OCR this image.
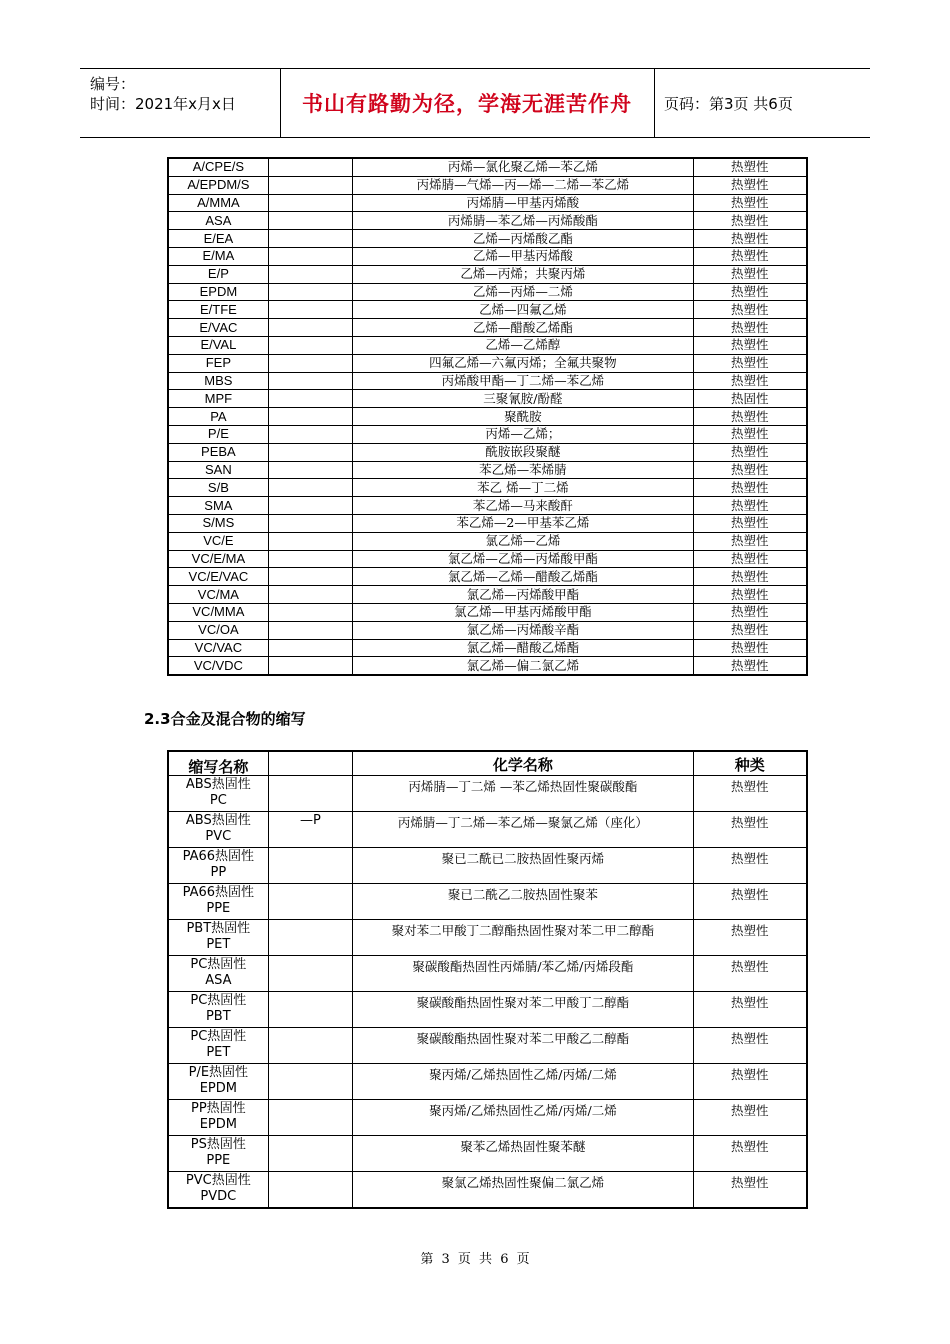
编号：
时间：2021年x月x日	书山有路勤为径，学海无涯苦作舟 页码：第3页 共6页
A/CPE/S		丙烯—氯化聚乙烯—苯乙烯	热塑性
A/EPDM/S		丙烯腈—气烯—丙—烯—二烯—苯乙烯	热塑性
A/MMA		丙烯腈—甲基丙烯酸	热塑性
ASA		丙烯腈—苯乙烯—丙烯酸酯	热塑性
E/EA		乙烯—丙烯酸乙酯	热塑性
E/MA		乙烯—甲基丙烯酸	热塑性
E/P		乙烯—丙烯；共聚丙烯	热塑性
EPDM		乙烯—丙烯—二烯	热塑性
E/TFE		乙烯—四氟乙烯	热塑性
E/VAC		乙烯—醋酸乙烯酯	热塑性
E/VAL		乙烯—乙烯醇	热塑性
FEP		四氟乙烯—六氟丙烯；全氟共聚物	热塑性
MBS		丙烯酸甲酯—丁二烯—苯乙烯	热塑性
MPF		三聚氰胺/酚醛	热固性
PA		聚酰胺	热塑性
P/E		丙烯—乙烯；	热塑性
PEBA		酰胺嵌段聚醚	热塑性
SAN		苯乙烯—苯烯腈	热塑性
S/B		苯乙 烯—丁二烯	热塑性
SMA		苯乙烯—马来酸酐	热塑性
S/MS		苯乙烯—2—甲基苯乙烯	热塑性
VC/E		氯乙烯—乙烯	热塑性
VC/E/MA		氯乙烯—乙烯—丙烯酸甲酯	热塑性
VC/E/VAC		氯乙烯—乙烯—醋酸乙烯酯	热塑性
VC/MA		氯乙烯—丙烯酸甲酯	热塑性
VC/MMA		氯乙烯—甲基丙烯酸甲酯	热塑性
VC/OA		氯乙烯—丙烯酸辛酯	热塑性
VC/VAC		氯乙烯—醋酸乙烯酯	热塑性
VC/VDC		氯乙烯—偏二氯乙烯	热塑性
2.3合金及混合物的缩写
缩写名称		化学名称	种类

ABS热固性
PC		丙烯腈—丁二烯 —苯乙烯热固性聚碳酸酯	热塑性

ABS热固性
PVC	—P	丙烯腈—丁二烯—苯乙烯—聚氯乙烯（座化）	热塑性

PA66热固性
PP		聚已二酰已二胺热固性聚丙烯	热塑性

PA66热固性
PPE		聚已二酰乙二胺热固性聚苯	热塑性

PBT热固性
PET		聚对苯二甲酸丁二醇酯热固性聚对苯二甲二醇酯	热塑性

PC热固性
ASA		聚碳酸酯热固性丙烯腈/苯乙烯/丙烯段酯	热塑性

PC热固性
PBT		聚碳酸酯热固性聚对苯二甲酸丁二醇酯	热塑性

PC热固性
PET		聚碳酸酯热固性聚对苯二甲酸乙二醇酯	热塑性

P/E热固性
EPDM		聚丙烯/乙烯热固性乙烯/丙烯/二烯	热塑性

PP热固性
EPDM		聚丙烯/乙烯热固性乙烯/丙烯/二烯	热塑性

PS热固性
PPE		聚苯乙烯热固性聚苯醚	热塑性

PVC热固性
PVDC		聚氯乙烯热固性聚偏二氯乙烯	热塑性
第 3 页 共 6 页
